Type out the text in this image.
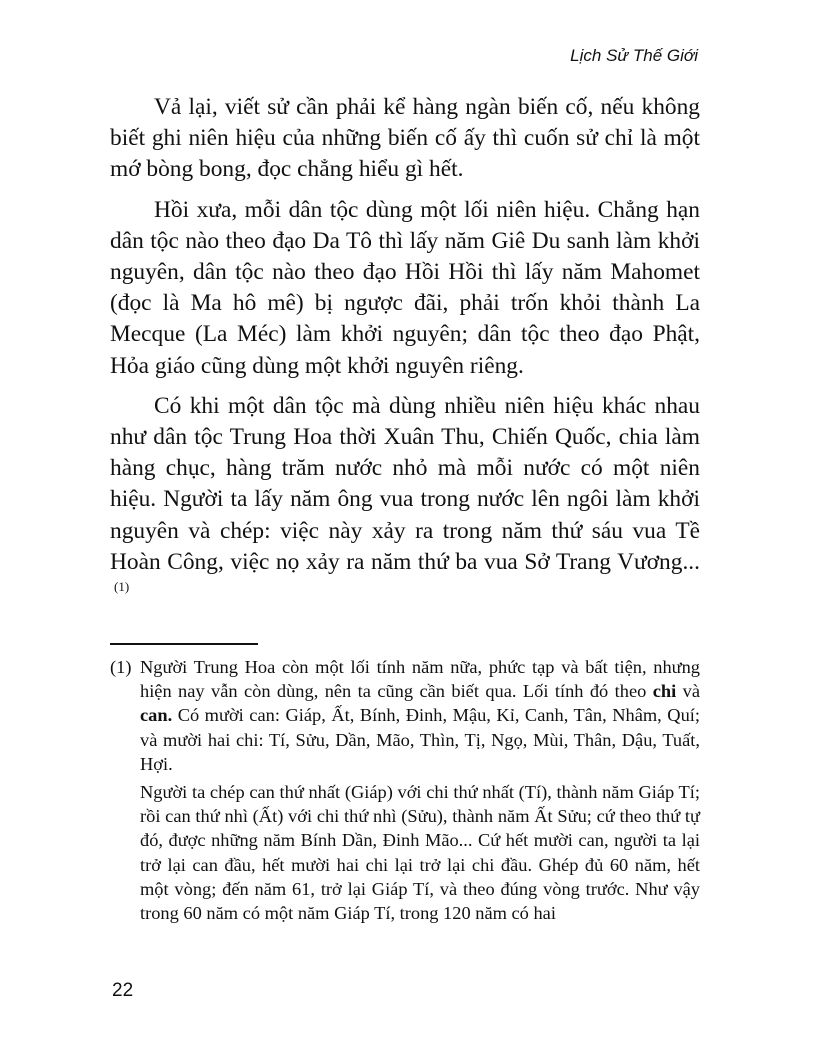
Lịch Sử Thế Giới

Vả lại, viết sử cần phải kể hàng ngàn biến cố, nếu không biết ghi niên hiệu của những biến cố ấy thì cuốn sử chỉ là một mớ bòng bong, đọc chẳng hiểu gì hết.

Hồi xưa, mỗi dân tộc dùng một lối niên hiệu. Chẳng hạn dân tộc nào theo đạo Da Tô thì lấy năm Giê Du sanh làm khởi nguyên, dân tộc nào theo đạo Hồi Hồi thì lấy năm Mahomet (đọc là Ma hô mê) bị ngược đãi, phải trốn khỏi thành La Mecque (La Méc) làm khởi nguyên; dân tộc theo đạo Phật, Hỏa giáo cũng dùng một khởi nguyên riêng.

Có khi một dân tộc mà dùng nhiều niên hiệu khác nhau như dân tộc Trung Hoa thời Xuân Thu, Chiến Quốc, chia làm hàng chục, hàng trăm nước nhỏ mà mỗi nước có một niên hiệu. Người ta lấy năm ông vua trong nước lên ngôi làm khởi nguyên và chép: việc này xảy ra trong năm thứ sáu vua Tề Hoàn Công, việc nọ xảy ra năm thứ ba vua Sở Trang Vương...$^{(1)}$

(1) Người Trung Hoa còn một lối tính năm nữa, phức tạp và bất tiện, nhưng hiện nay vẫn còn dùng, nên ta cũng cần biết qua. Lối tính đó theo chi và can. Có mười can: Giáp, Ất, Bính, Đinh, Mậu, Kỉ, Canh, Tân, Nhâm, Quí; và mười hai chi: Tí, Sửu, Dần, Mão, Thìn, Tị, Ngọ, Mùi, Thân, Dậu, Tuất, Hợi.

Người ta chép can thứ nhất (Giáp) với chi thứ nhất (Tí), thành năm Giáp Tí; rồi can thứ nhì (Ất) với chi thứ nhì (Sửu), thành năm Ất Sửu; cứ theo thứ tự đó, được những năm Bính Dần, Đinh Mão... Cứ hết mười can, người ta lại trở lại can đầu, hết mười hai chi lại trở lại chi đầu. Ghép đủ 60 năm, hết một vòng; đến năm 61, trở lại Giáp Tí, và theo đúng vòng trước. Như vậy trong 60 năm có một năm Giáp Tí, trong 120 năm có hai

22
